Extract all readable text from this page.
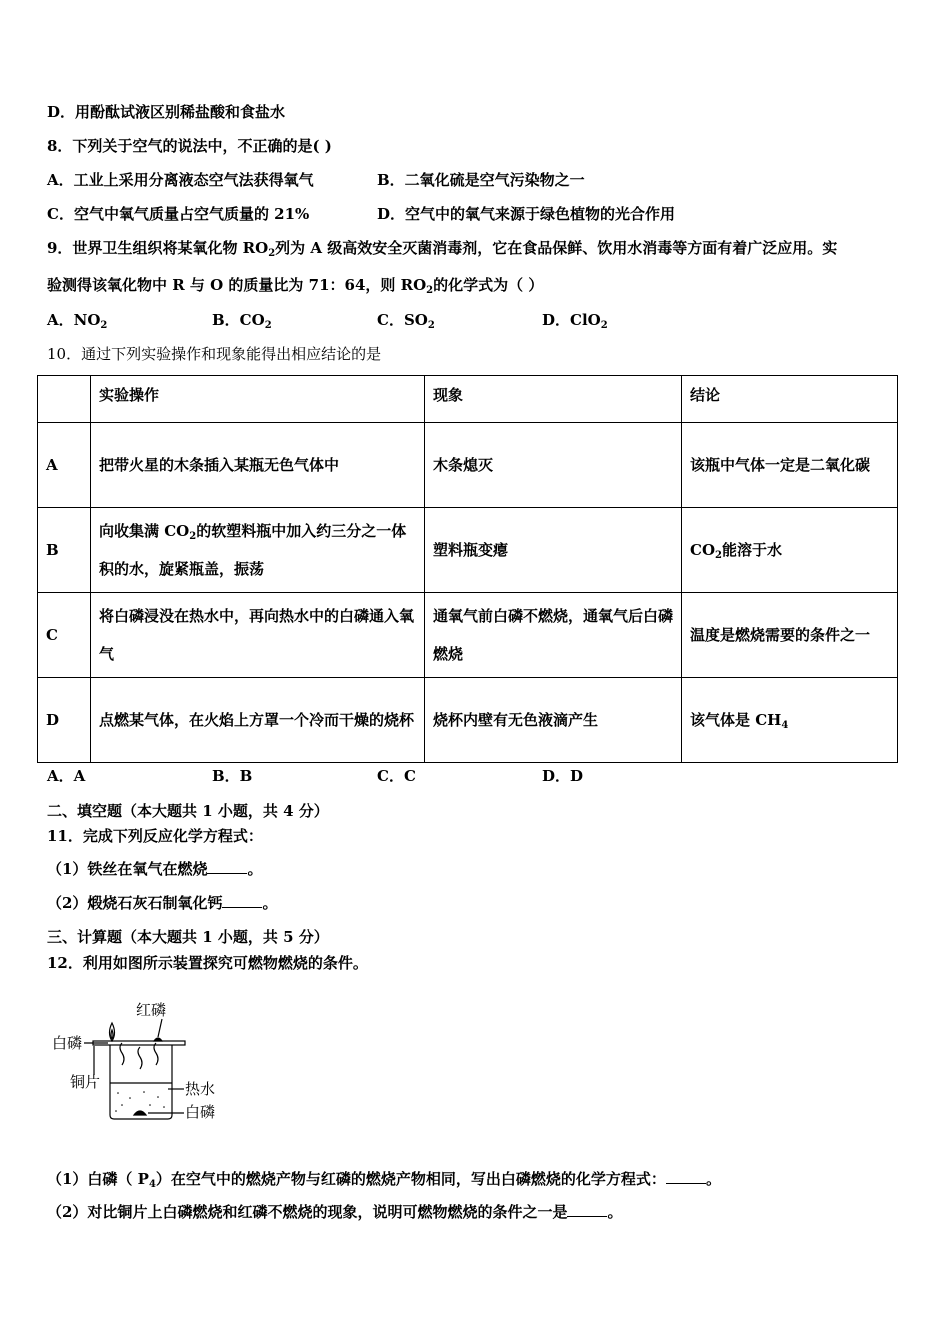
D．用酚酞试液区别稀盐酸和食盐水
8．下列关于空气的说法中，不正确的是( )
A．工业上采用分离液态空气法获得氧气	B．二氧化硫是空气污染物之一
C．空气中氧气质量占空气质量的 21%	D．空气中的氧气来源于绿色植物的光合作用
9．世界卫生组织将某氧化物 $RO_2$列为 A 级高效安全灭菌消毒剂，它在食品保鲜、饮用水消毒等方面有着广泛应用。实
验测得该氧化物中 R 与 O 的质量比为 71：64，则 $RO_2$的化学式为（ ）
A．$NO_2$	B．$CO_2$	C．$SO_2$	D．ClO$_2$
10．通过下列实验操作和现象能得出相应结论的是
	实验操作	现象	结论
A	把带火星的木条插入某瓶无色气体中	木条熄灭	该瓶中气体一定是二氧化碳
B	向收集满 $CO_2$的软塑料瓶中加入约三分之一体积的水，旋紧瓶盖，振荡	塑料瓶变瘪	$CO_2$能溶于水
C	将白磷浸没在热水中，再向热水中的白磷通入氧气	通氧气前白磷不燃烧，通氧气后白磷燃烧	温度是燃烧需要的条件之一
D	点燃某气体，在火焰上方罩一个冷而干燥的烧杯	烧杯内壁有无色液滴产生	该气体是 $CH_4$
A．A	B．B	C．C	D．D
二、填空题（本大题共 1 小题，共 4 分）
11．完成下列反应化学方程式：
（1）铁丝在氧气在燃烧	。
（2）煅烧石灰石制氧化钙	。
三、计算题（本大题共 1 小题，共 5 分）
12．利用如图所示装置探究可燃物燃烧的条件。
红磷
白磷
铜片	热水
白磷
（1）白磷（ $P_4$）在空气中的燃烧产物与红磷的燃烧产物相同，写出白磷燃烧的化学方程式：	。
（2）对比铜片上白磷燃烧和红磷不燃烧的现象，说明可燃物燃烧的条件之一是	。
